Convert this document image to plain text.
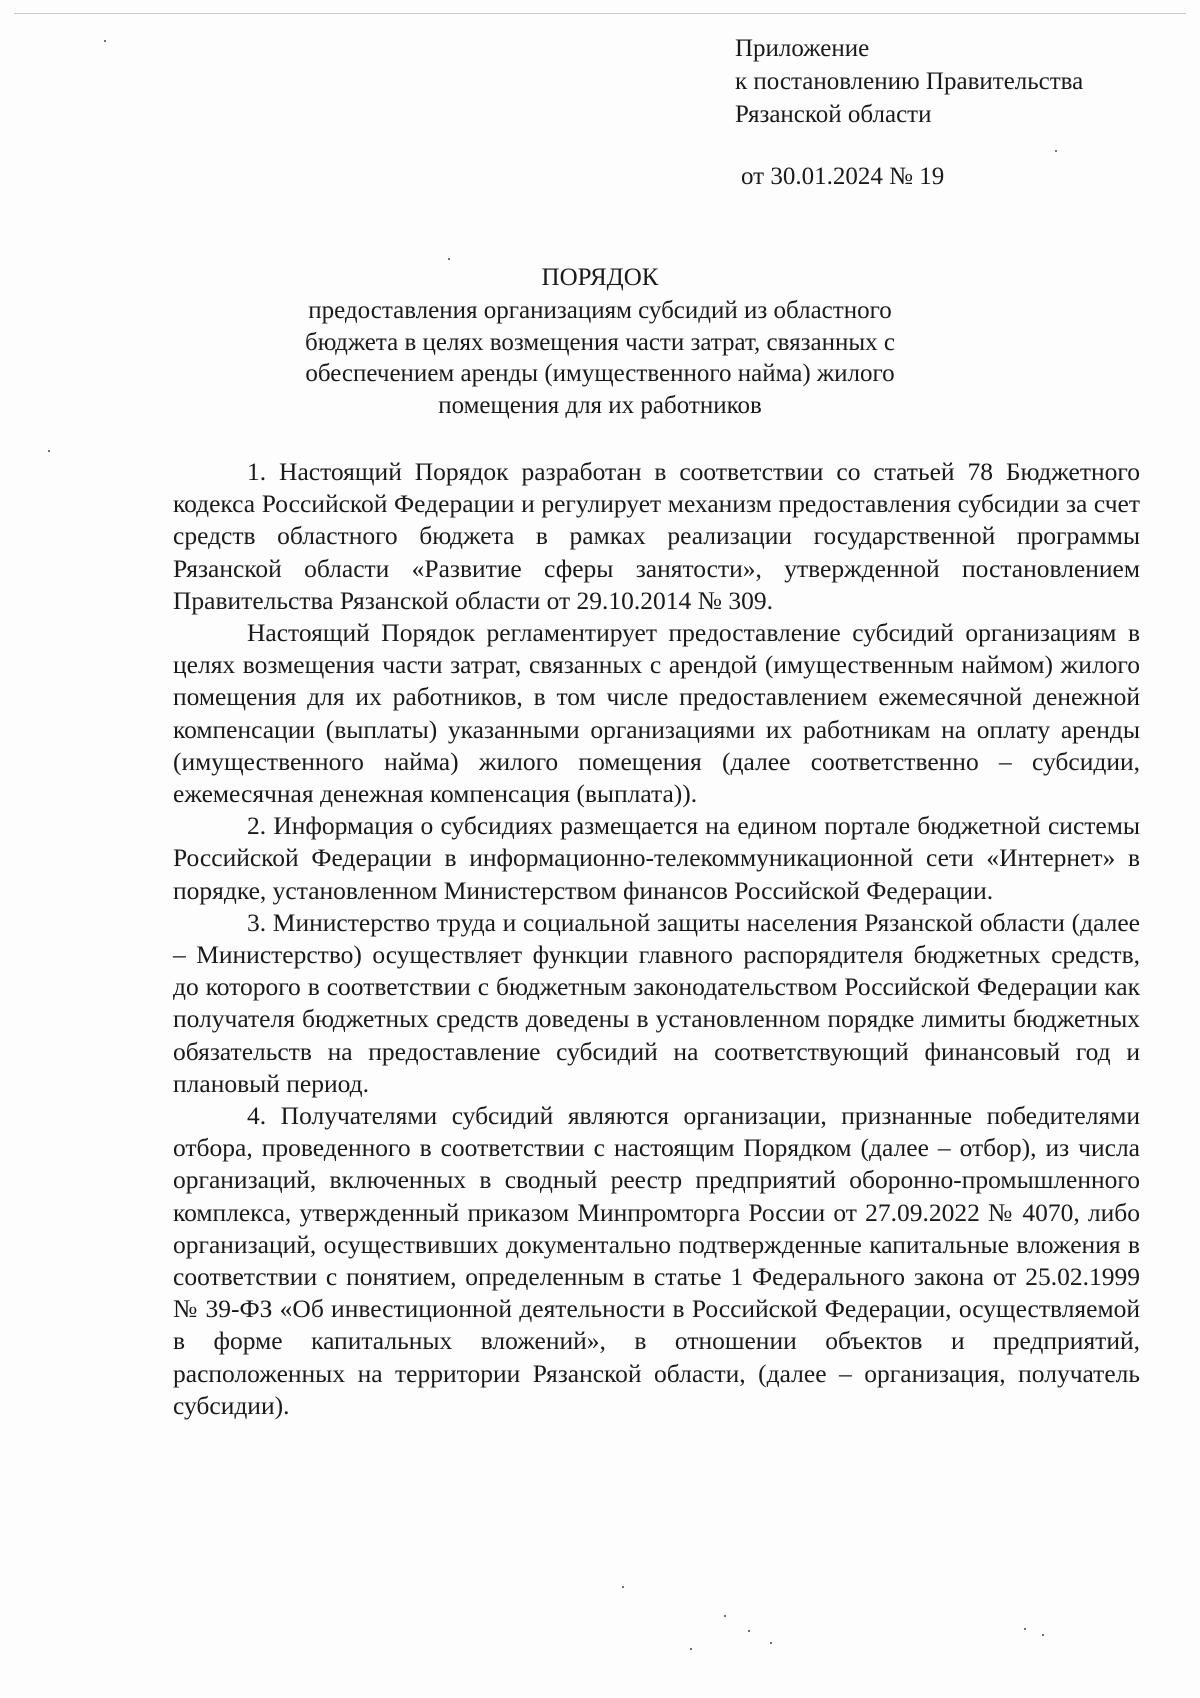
Приложение
к постановлению Правительства
Рязанской области
от 30.01.2024 № 19
ПОРЯДОК
предоставления организациям субсидий из областного
бюджета в целях возмещения части затрат, связанных с
обеспечением аренды (имущественного найма) жилого
помещения для их работников

1. Настоящий Порядок разработан в соответствии со статьей 78 Бюджетного кодекса Российской Федерации и регулирует механизм предоставления субсидии за счет средств областного бюджета в рамках реализации государственной программы Рязанской области «Развитие сферы занятости», утвержденной постановлением Правительства Рязанской области от 29.10.2014 № 309.

Настоящий Порядок регламентирует предоставление субсидий организациям в целях возмещения части затрат, связанных с арендой (имущественным наймом) жилого помещения для их работников, в том числе предоставлением ежемесячной денежной компенсации (выплаты) указанными организациями их работникам на оплату аренды (имущественного найма) жилого помещения (далее соответственно – субсидии, ежемесячная денежная компенсация (выплата)).

2. Информация о субсидиях размещается на едином портале бюджетной системы Российской Федерации в информационно-телекоммуникационной сети «Интернет» в порядке, установленном Министерством финансов Российской Федерации.

3. Министерство труда и социальной защиты населения Рязанской области (далее – Министерство) осуществляет функции главного распорядителя бюджетных средств, до которого в соответствии с бюджетным законодательством Российской Федерации как получателя бюджетных средств доведены в установленном порядке лимиты бюджетных обязательств на предоставление субсидий на соответствующий финансовый год и плановый период.

4. Получателями субсидий являются организации, признанные победителями отбора, проведенного в соответствии с настоящим Порядком (далее – отбор), из числа организаций, включенных в сводный реестр предприятий оборонно-промышленного комплекса, утвержденный приказом Минпромторга России от 27.09.2022 № 4070, либо организаций, осуществивших документально подтвержденные капитальные вложения в соответствии с понятием, определенным в статье 1 Федерального закона от 25.02.1999 № 39-ФЗ «Об инвестиционной деятельности в Российской Федерации, осуществляемой в форме капитальных вложений», в отношении объектов и предприятий, расположенных на территории Рязанской области, (далее – организация, получатель субсидии).
